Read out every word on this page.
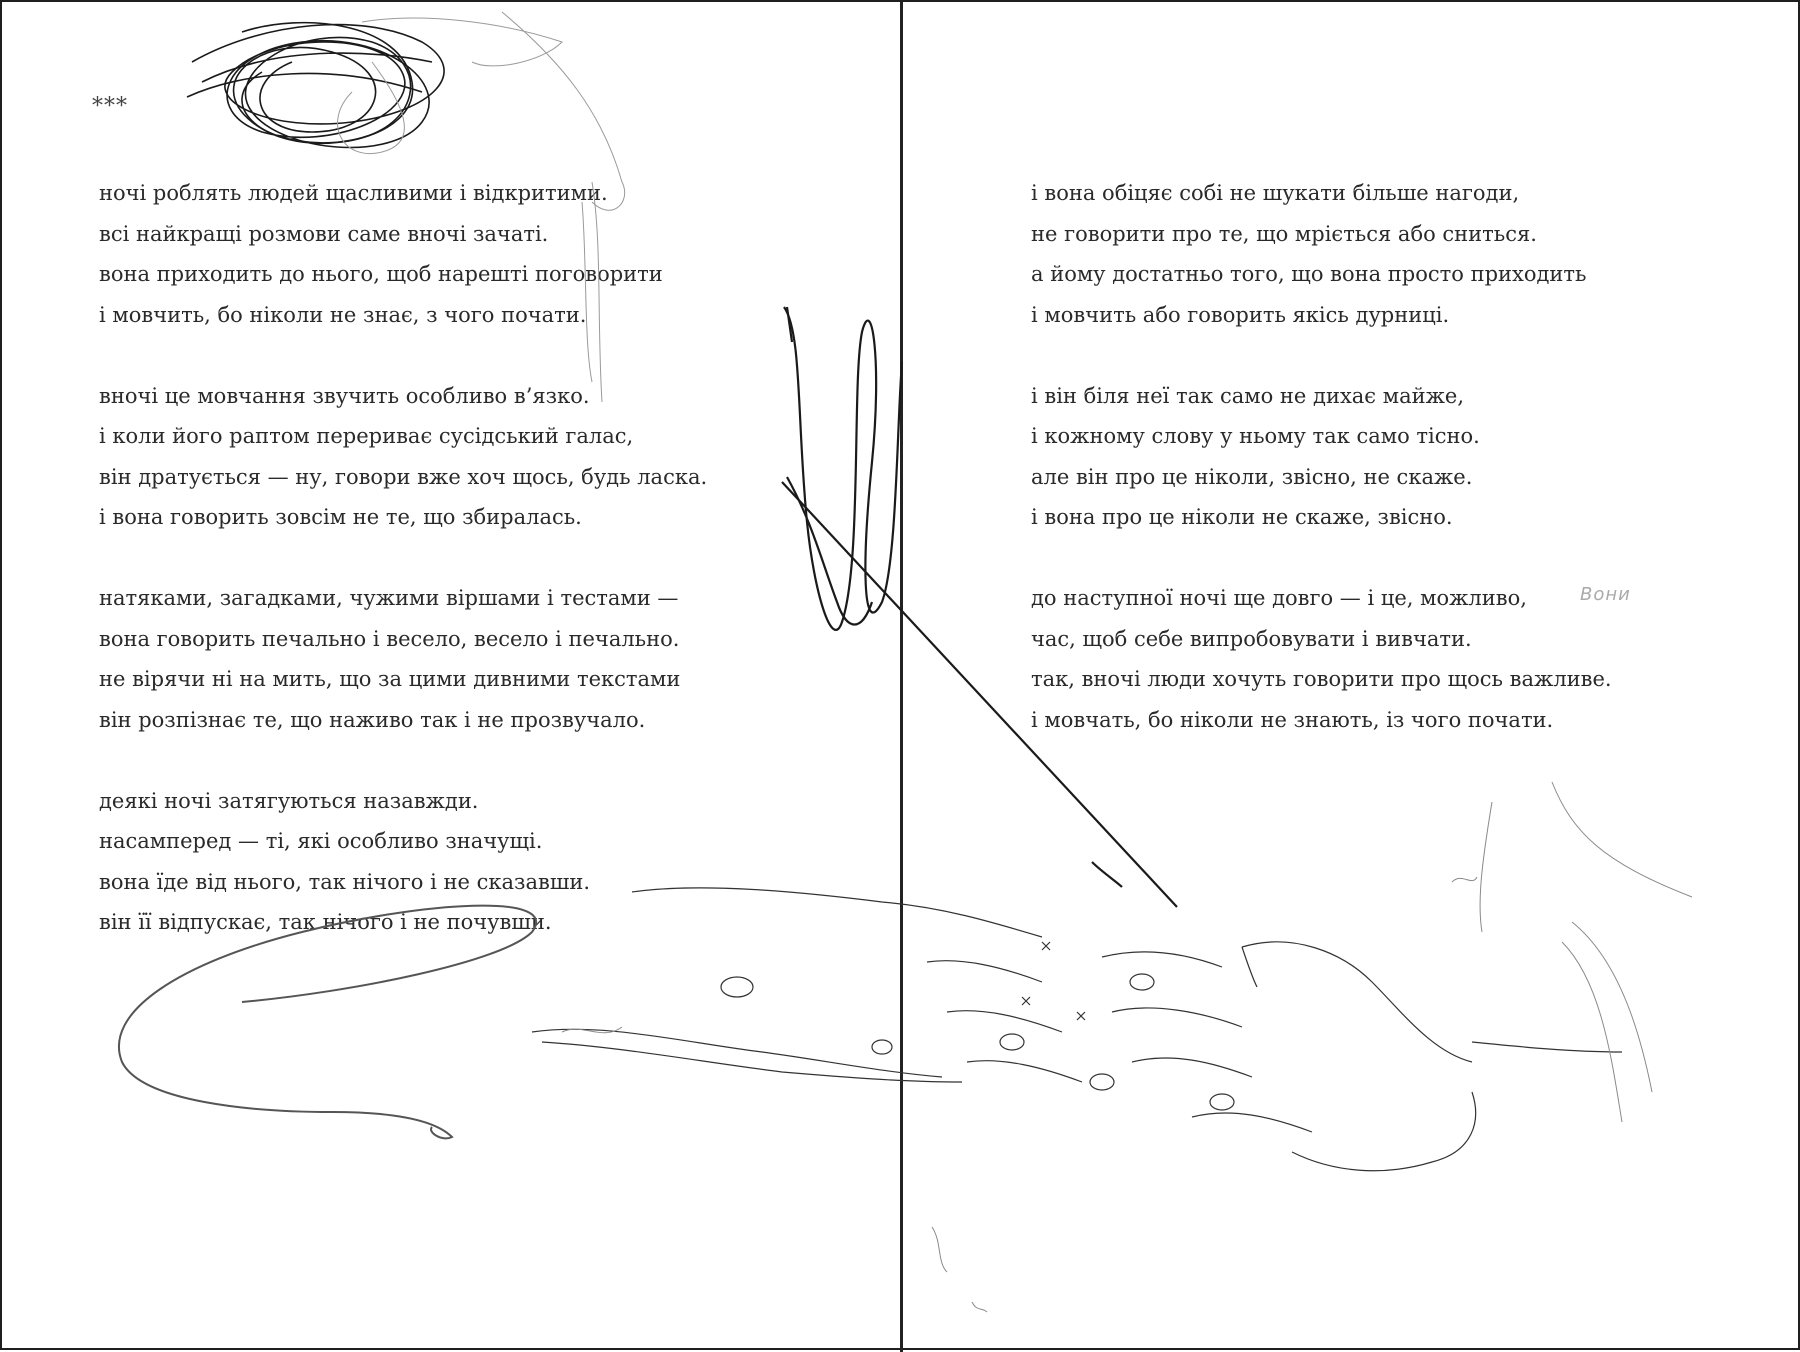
***
ночі роблять людей щасливими і відкритими.
всі найкращі розмови саме вночі зачаті.
вона приходить до нього, щоб нарешті поговорити
і мовчить, бо ніколи не знає, з чого почати.
вночі це мовчання звучить особливо в’язко.
і коли його раптом перериває сусідський галас,
він дратується — ну, говори вже хоч щось, будь ласка.
і вона говорить зовсім не те, що збиралась.
натяками, загадками, чужими віршами і тестами —
вона говорить печально і весело, весело і печально.
не вірячи ні на мить, що за цими дивними текстами
він розпізнає те, що наживо так і не прозвучало.
деякі ночі затягуються назавжди.
насамперед — ті, які особливо значущі.
вона їде від нього, так нічого і не сказавши.
він її відпускає, так нічого і не почувши.
і вона обіцяє собі не шукати більше нагоди,
не говорити про те, що мріється або сниться.
а йому достатньо того, що вона просто приходить
і мовчить або говорить якісь дурниці.
і він біля неї так само не дихає майже,
і кожному слову у ньому так само тісно.
але він про це ніколи, звісно, не скаже.
і вона про це ніколи не скаже, звісно.
до наступної ночі ще довго — і це, можливо,
час, щоб себе випробовувати і вивчати.
так, вночі люди хочуть говорити про щось важливе.
і мовчать, бо ніколи не знають, із чого почати.
Вони
